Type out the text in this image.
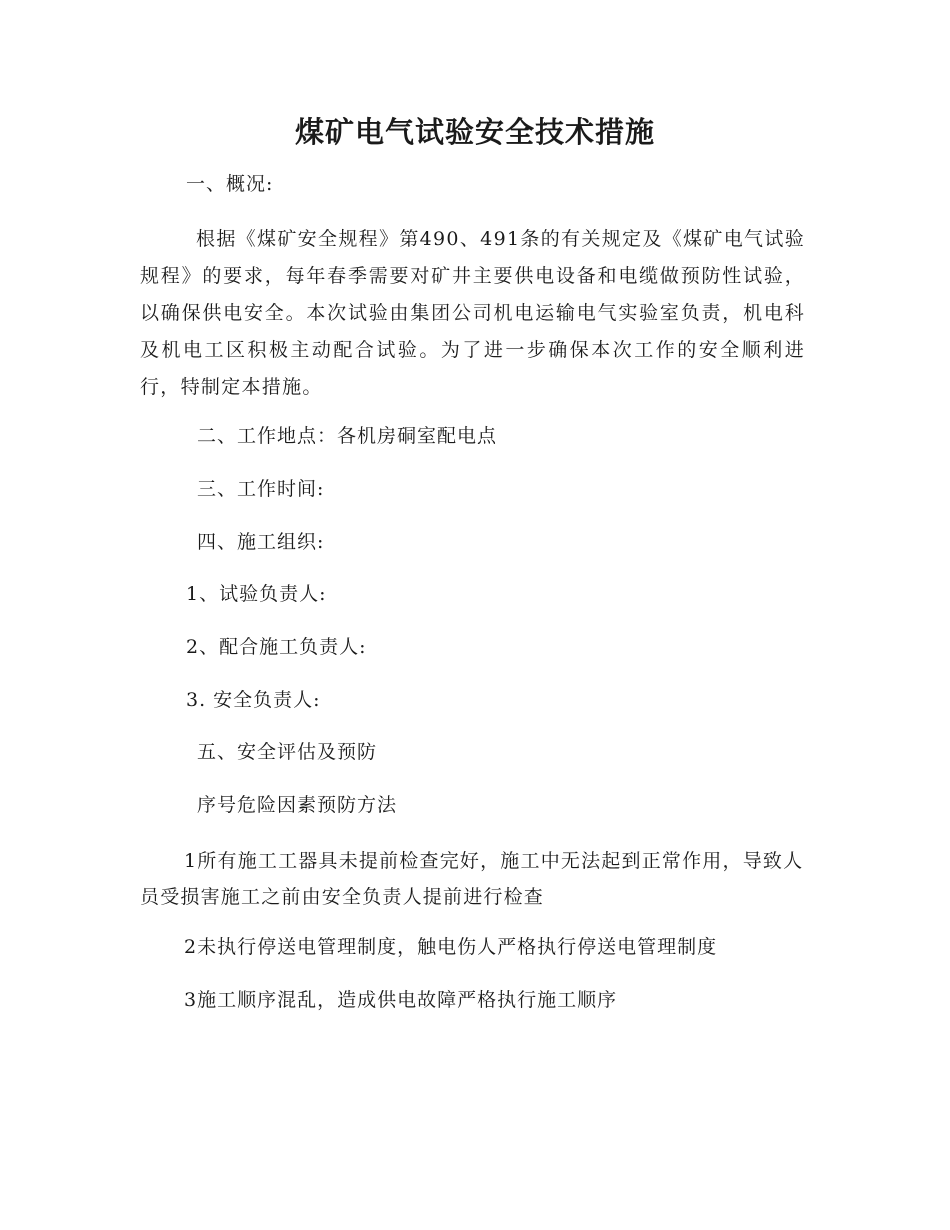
煤矿电气试验安全技术措施

一、概况:

根据《煤矿安全规程》第490、491条的有关规定及《煤矿电气试验规程》的要求，每年春季需要对矿井主要供电设备和电缆做预防性试验，以确保供电安全。本次试验由集团公司机电运输电气实验室负责，机电科及机电工区积极主动配合试验。为了进一步确保本次工作的安全顺利进行，特制定本措施。

二、工作地点：各机房硐室配电点

三、工作时间:

四、施工组织:

1、试验负责人:

2、配合施工负责人:

3. 安全负责人:

五、安全评估及预防

序号危险因素预防方法

1所有施工工器具未提前检查完好，施工中无法起到正常作用，导致人员受损害施工之前由安全负责人提前进行检查

2未执行停送电管理制度，触电伤人严格执行停送电管理制度

3施工顺序混乱，造成供电故障严格执行施工顺序
